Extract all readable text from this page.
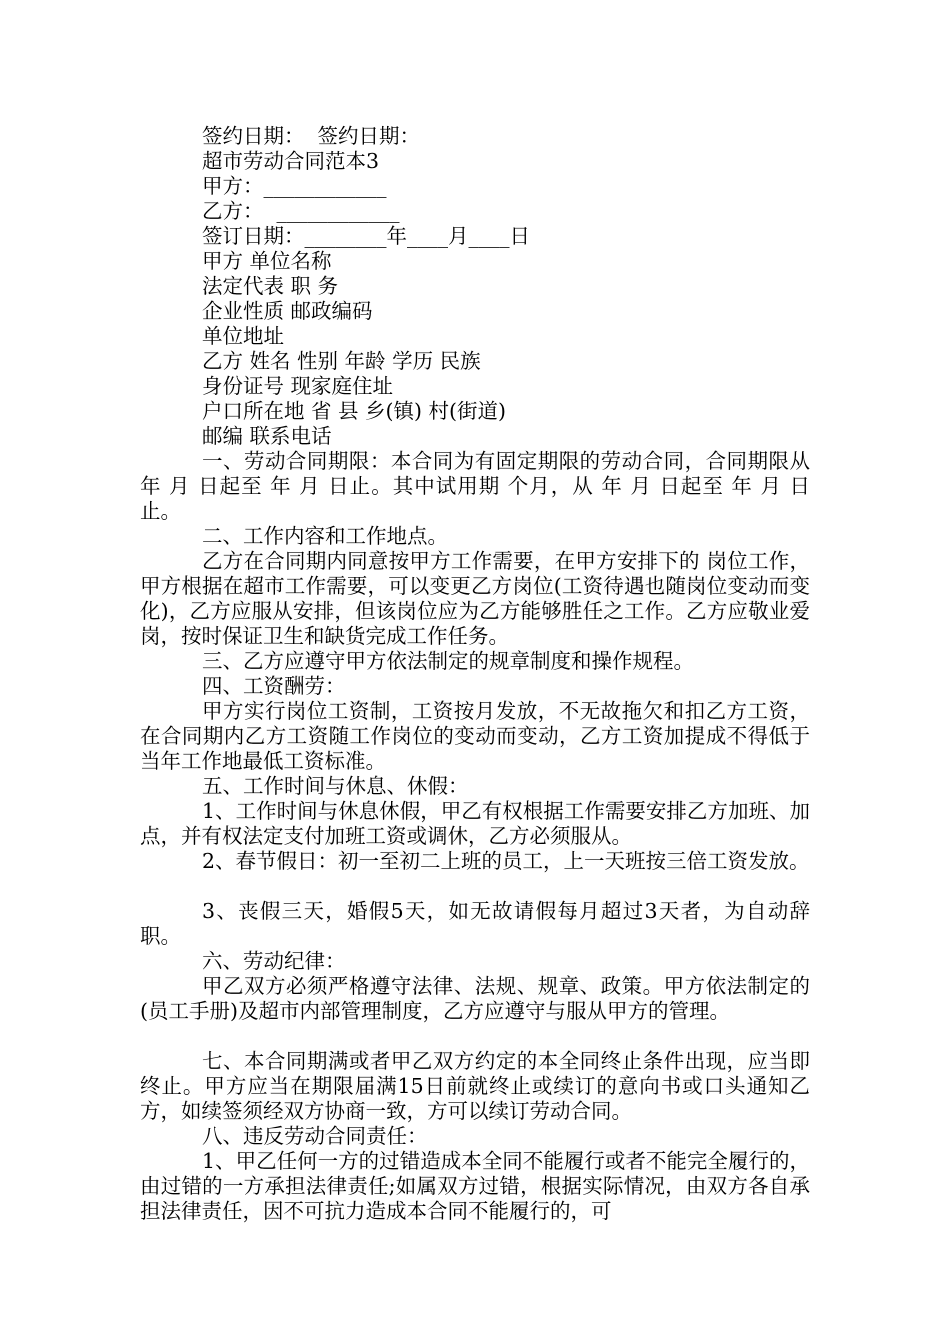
签约日期：  签约日期：
超市劳动合同范本3
甲方：____________
乙方：  ____________
签订日期：________年____月____日
甲方 单位名称
法定代表 职 务
企业性质 邮政编码
单位地址
乙方 姓名 性别 年龄 学历 民族
身份证号 现家庭住址
户口所在地 省 县 乡(镇) 村(街道)
邮编 联系电话
一、劳动合同期限：本合同为有固定期限的劳动合同，合同期限从 年 月 日起至 年 月 日止。其中试用期 个月，从 年 月 日起至 年 月 日止。
二、工作内容和工作地点。
乙方在合同期内同意按甲方工作需要，在甲方安排下的 岗位工作，甲方根据在超市工作需要，可以变更乙方岗位(工资待遇也随岗位变动而变化)，乙方应服从安排，但该岗位应为乙方能够胜任之工作。乙方应敬业爱岗，按时保证卫生和缺货完成工作任务。
三、乙方应遵守甲方依法制定的规章制度和操作规程。
四、工资酬劳：
甲方实行岗位工资制，工资按月发放，不无故拖欠和扣乙方工资，在合同期内乙方工资随工作岗位的变动而变动，乙方工资加提成不得低于当年工作地最低工资标准。
五、工作时间与休息、休假：
1、工作时间与休息休假，甲乙有权根据工作需要安排乙方加班、加点，并有权法定支付加班工资或调休，乙方必须服从。
2、春节假日：初一至初二上班的员工，上一天班按三倍工资发放。
3、丧假三天，婚假5天，如无故请假每月超过3天者，为自动辞职。
六、劳动纪律：
甲乙双方必须严格遵守法律、法规、规章、政策。甲方依法制定的(员工手册)及超市内部管理制度，乙方应遵守与服从甲方的管理。
七、本合同期满或者甲乙双方约定的本全同终止条件出现，应当即终止。甲方应当在期限届满15日前就终止或续订的意向书或口头通知乙方，如续签须经双方协商一致，方可以续订劳动合同。
八、违反劳动合同责任：
1、甲乙任何一方的过错造成本全同不能履行或者不能完全履行的，由过错的一方承担法律责任;如属双方过错，根据实际情况，由双方各自承担法律责任，因不可抗力造成本合同不能履行的，可
